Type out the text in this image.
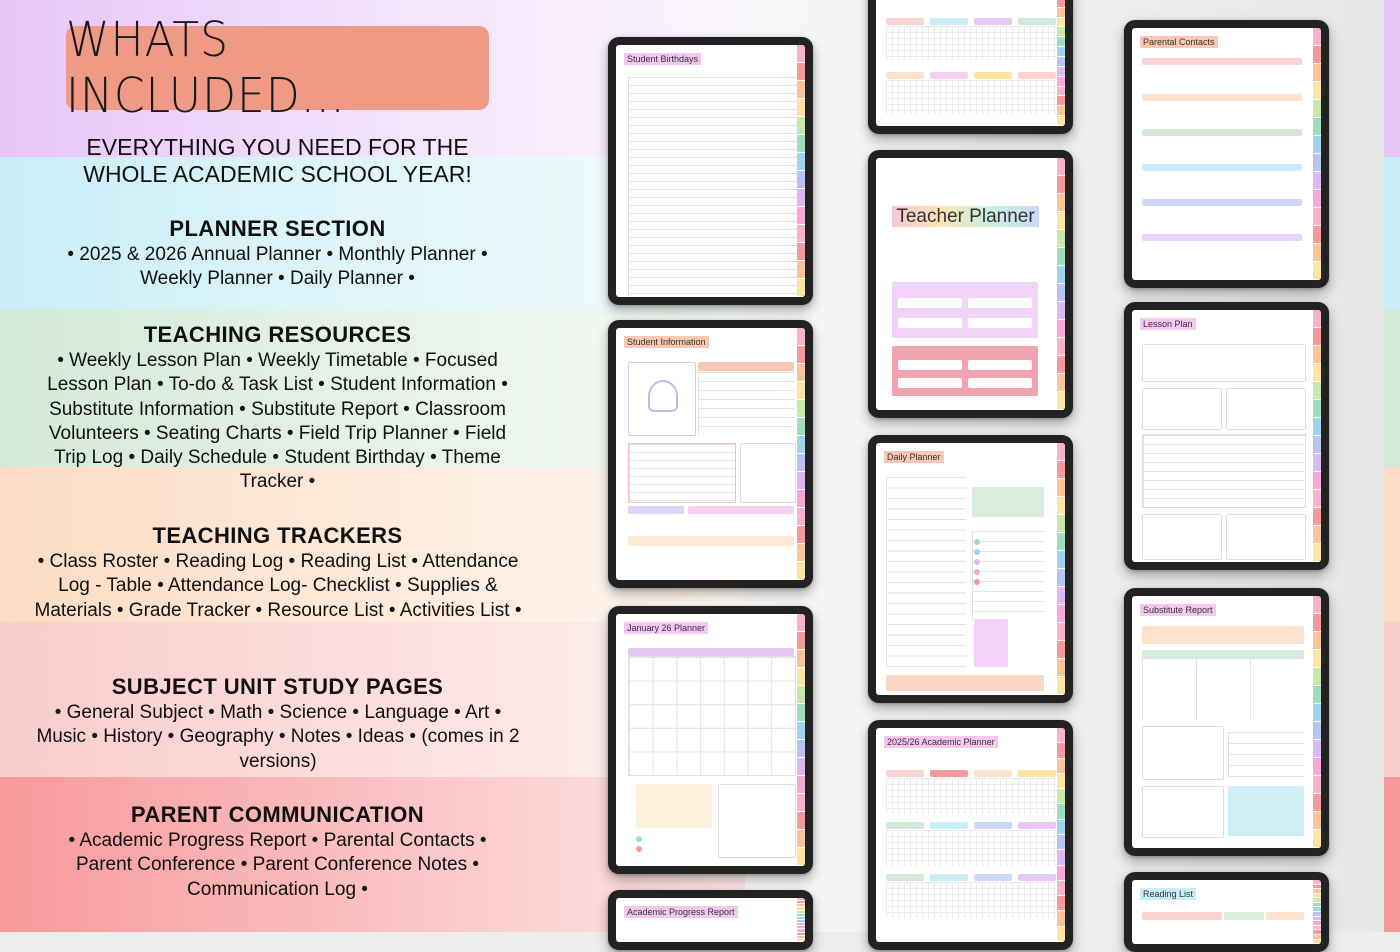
WHATS INCLUDED...
EVERYTHING YOU NEED FOR THE
WHOLE ACADEMIC SCHOOL YEAR!
PLANNER SECTION
• 2025 & 2026 Annual Planner • Monthly Planner • Weekly Planner • Daily Planner •
TEACHING RESOURCES
• Weekly Lesson Plan • Weekly Timetable • Focused Lesson Plan • To-do & Task List • Student Information • Substitute Information • Substitute Report • Classroom Volunteers • Seating Charts • Field Trip Planner • Field Trip Log • Daily Schedule • Student Birthday • Theme Tracker •
TEACHING TRACKERS
• Class Roster • Reading Log • Reading List • Attendance Log - Table • Attendance Log- Checklist • Supplies & Materials • Grade Tracker • Resource List • Activities List •
SUBJECT UNIT STUDY PAGES
• General Subject • Math • Science • Language • Art • Music • History • Geography • Notes • Ideas • (comes in 2 versions)
PARENT COMMUNICATION
• Academic Progress Report • Parental Contacts • Parent Conference • Parent Conference Notes • Communication Log •
Student Birthdays
Student Information
January 26 Planner
Academic Progress Report
Teacher Planner
Daily Planner
2025/26 Academic Planner
Parental Contacts
Lesson Plan
Substitute Report
Reading List
